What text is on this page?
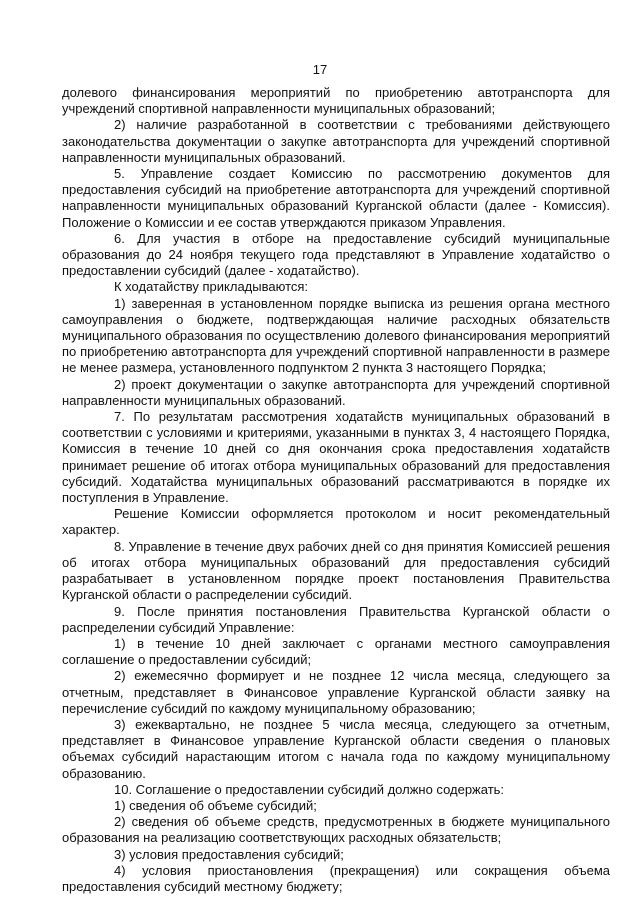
17

долевого финансирования мероприятий по приобретению автотранспорта для учреждений спортивной направленности муниципальных образований;

2) наличие разработанной в соответствии с требованиями действующего законодательства документации о закупке автотранспорта для учреждений спортивной направленности муниципальных образований.

5. Управление создает Комиссию по рассмотрению документов для предоставления субсидий на приобретение автотранспорта для учреждений спортивной направленности муниципальных образований Курганской области (далее - Комиссия). Положение о Комиссии и ее состав утверждаются приказом Управления.

6. Для участия в отборе на предоставление субсидий муниципальные образования до 24 ноября текущего года представляют в Управление ходатайство о предоставлении субсидий (далее - ходатайство).

К ходатайству прикладываются:

1) заверенная в установленном порядке выписка из решения органа местного самоуправления о бюджете, подтверждающая наличие расходных обязательств муниципального образования по осуществлению долевого финансирования мероприятий по приобретению автотранспорта для учреждений спортивной направленности в размере не менее размера, установленного подпунктом 2 пункта 3 настоящего Порядка;

2) проект документации о закупке автотранспорта для учреждений спортивной направленности муниципальных образований.

7. По результатам рассмотрения ходатайств муниципальных образований в соответствии с условиями и критериями, указанными в пунктах 3, 4 настоящего Порядка, Комиссия в течение 10 дней со дня окончания срока предоставления ходатайств принимает решение об итогах отбора муниципальных образований для предоставления субсидий. Ходатайства муниципальных образований рассматриваются в порядке их поступления в Управление.

Решение Комиссии оформляется протоколом и носит рекомендательный характер.

8. Управление в течение двух рабочих дней со дня принятия Комиссией решения об итогах отбора муниципальных образований для предоставления субсидий разрабатывает в установленном порядке проект постановления Правительства Курганской области о распределении субсидий.

9. После принятия постановления Правительства Курганской области о распределении субсидий Управление:

1) в течение 10 дней заключает с органами местного самоуправления соглашение о предоставлении субсидий;

2) ежемесячно формирует и не позднее 12 числа месяца, следующего за отчетным, представляет в Финансовое управление Курганской области заявку на перечисление субсидий по каждому муниципальному образованию;

3) ежеквартально, не позднее 5 числа месяца, следующего за отчетным, представляет в Финансовое управление Курганской области сведения о плановых объемах субсидий нарастающим итогом с начала года по каждому муниципальному образованию.

10. Соглашение о предоставлении субсидий должно содержать:

1) сведения об объеме субсидий;

2) сведения об объеме средств, предусмотренных в бюджете муниципального образования на реализацию соответствующих расходных обязательств;

3) условия предоставления субсидий;

4) условия приостановления (прекращения) или сокращения объема предоставления субсидий местному бюджету;
